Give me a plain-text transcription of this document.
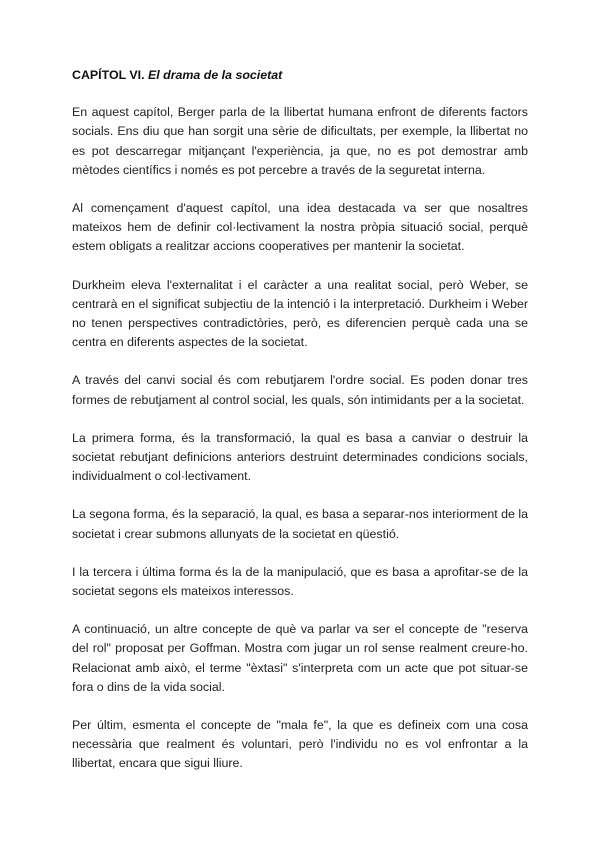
CAPÍTOL VI. El drama de la societat

En aquest capítol, Berger parla de la llibertat humana enfront de diferents factors socials. Ens diu que han sorgit una sèrie de dificultats, per exemple, la llibertat no es pot descarregar mitjançant l'experiència, ja que, no es pot demostrar amb mètodes científics i només es pot percebre a través de la seguretat interna.

Al començament d'aquest capítol, una idea destacada va ser que nosaltres mateixos hem de definir col·lectivament la nostra pròpia situació social, perquè estem obligats a realitzar accions cooperatives per mantenir la societat.

Durkheim eleva l'externalitat i el caràcter a una realitat social, però Weber, se centrarà en el significat subjectiu de la intenció i la interpretació. Durkheim i Weber no tenen perspectives contradictòries, però, es diferencien perquè cada una se centra en diferents aspectes de la societat.

A través del canvi social és com rebutjarem l'ordre social. Es poden donar tres formes de rebutjament al control social, les quals, són intimidants per a la societat.

La primera forma, és la transformació, la qual es basa a canviar o destruir la societat rebutjant definicions anteriors destruint determinades condicions socials, individualment o col·lectivament.

La segona forma, és la separació, la qual, es basa a separar-nos interiorment de la societat i crear submons allunyats de la societat en qüestió.

I la tercera i última forma és la de la manipulació, que es basa a aprofitar-se de la societat segons els mateixos interessos.

A continuació, un altre concepte de què va parlar va ser el concepte de "reserva del rol" proposat per Goffman. Mostra com jugar un rol sense realment creure-ho. Relacionat amb això, el terme "èxtasi" s'interpreta com un acte que pot situar-se fora o dins de la vida social.

Per últim, esmenta el concepte de "mala fe", la que es defineix com una cosa necessària que realment és voluntari, però l'individu no es vol enfrontar a la llibertat, encara que sigui lliure.
